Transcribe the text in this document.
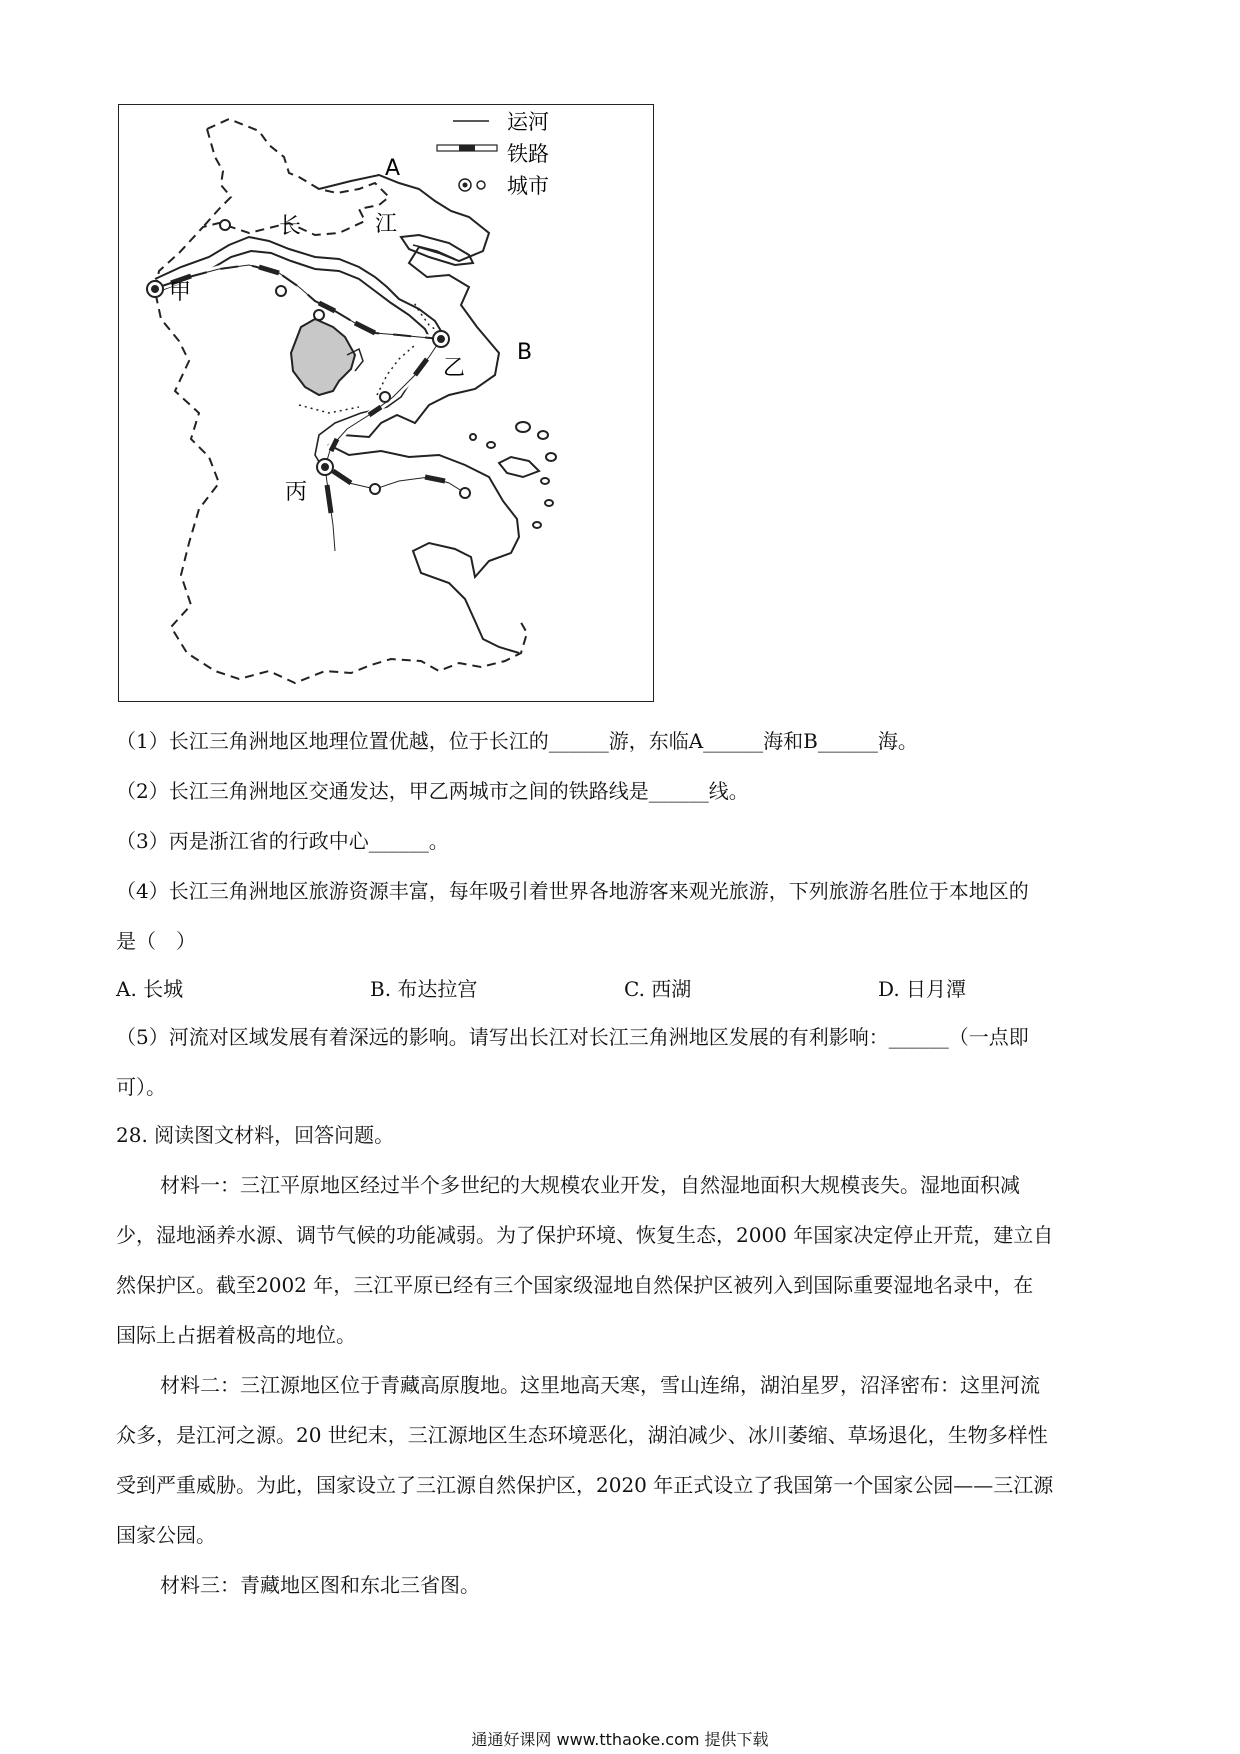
运河
铁路
城市
A
B
长	江
甲
乙
丙
（1）长江三角洲地区地理位置优越，位于长江的______游，东临A______海和B______海。
（2）长江三角洲地区交通发达，甲乙两城市之间的铁路线是______线。
（3）丙是浙江省的行政中心______。
（4）长江三角洲地区旅游资源丰富，每年吸引着世界各地游客来观光旅游，下列旅游名胜位于本地区的
是（　）
A. 长城	B. 布达拉宫	C. 西湖	D. 日月潭
（5）河流对区域发展有着深远的影响。请写出长江对长江三角洲地区发展的有利影响：______（一点即
可）。
28. 阅读图文材料，回答问题。
材料一：三江平原地区经过半个多世纪的大规模农业开发，自然湿地面积大规模丧失。湿地面积减
少，湿地涵养水源、调节气候的功能减弱。为了保护环境、恢复生态，2000 年国家决定停止开荒，建立自
然保护区。截至2002 年，三江平原已经有三个国家级湿地自然保护区被列入到国际重要湿地名录中，在
国际上占据着极高的地位。
材料二：三江源地区位于青藏高原腹地。这里地高天寒，雪山连绵，湖泊星罗，沼泽密布：这里河流
众多，是江河之源。20 世纪末，三江源地区生态环境恶化，湖泊减少、冰川萎缩、草场退化，生物多样性
受到严重威胁。为此，国家设立了三江源自然保护区，2020 年正式设立了我国第一个国家公园——三江源
国家公园。
材料三：青藏地区图和东北三省图。
通通好课网 www.tthaoke.com 提供下载
